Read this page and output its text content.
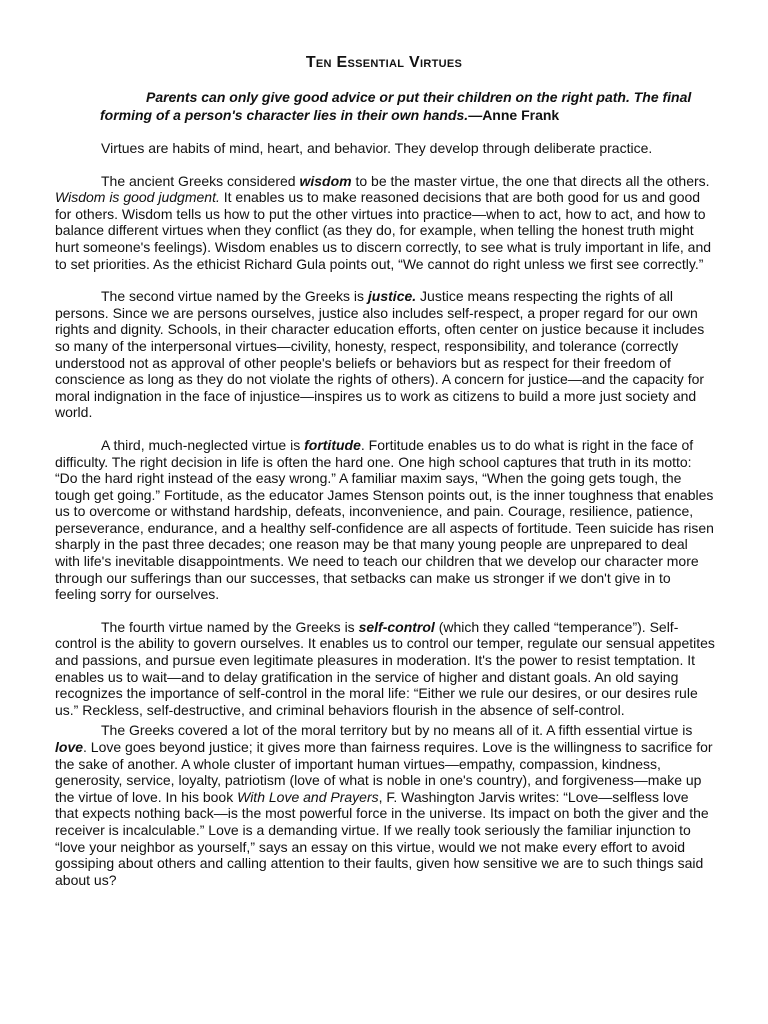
Ten Essential Virtues
Parents can only give good advice or put their children on the right path. The final forming of a person's character lies in their own hands.—Anne Frank

Virtues are habits of mind, heart, and behavior. They develop through deliberate practice.

The ancient Greeks considered wisdom to be the master virtue, the one that directs all the others. Wisdom is good judgment. It enables us to make reasoned decisions that are both good for us and good for others. Wisdom tells us how to put the other virtues into practice—when to act, how to act, and how to balance different virtues when they conflict (as they do, for example, when telling the honest truth might hurt someone's feelings). Wisdom enables us to discern correctly, to see what is truly important in life, and to set priorities. As the ethicist Richard Gula points out, “We cannot do right unless we first see correctly.”

The second virtue named by the Greeks is justice. Justice means respecting the rights of all persons. Since we are persons ourselves, justice also includes self-respect, a proper regard for our own rights and dignity. Schools, in their character education efforts, often center on justice because it includes so many of the interpersonal virtues—civility, honesty, respect, responsibility, and tolerance (correctly understood not as approval of other people's beliefs or behaviors but as respect for their freedom of conscience as long as they do not violate the rights of others). A concern for justice—and the capacity for moral indignation in the face of injustice—inspires us to work as citizens to build a more just society and world.

A third, much-neglected virtue is fortitude. Fortitude enables us to do what is right in the face of difficulty. The right decision in life is often the hard one. One high school captures that truth in its motto: “Do the hard right instead of the easy wrong.” A familiar maxim says, “When the going gets tough, the tough get going.” Fortitude, as the educator James Stenson points out, is the inner toughness that enables us to overcome or withstand hardship, defeats, inconvenience, and pain. Courage, resilience, patience, perseverance, endurance, and a healthy self-confidence are all aspects of fortitude. Teen suicide has risen sharply in the past three decades; one reason may be that many young people are unprepared to deal with life's inevitable disappointments. We need to teach our children that we develop our character more through our sufferings than our successes, that setbacks can make us stronger if we don't give in to feeling sorry for ourselves.

The fourth virtue named by the Greeks is self-control (which they called “temperance”). Self-control is the ability to govern ourselves. It enables us to control our temper, regulate our sensual appetites and passions, and pursue even legitimate pleasures in moderation. It's the power to resist temptation. It enables us to wait—and to delay gratification in the service of higher and distant goals. An old saying recognizes the importance of self-control in the moral life: “Either we rule our desires, or our desires rule us.” Reckless, self-destructive, and criminal behaviors flourish in the absence of self-control.

The Greeks covered a lot of the moral territory but by no means all of it. A fifth essential virtue is love. Love goes beyond justice; it gives more than fairness requires. Love is the willingness to sacrifice for the sake of another. A whole cluster of important human virtues—empathy, compassion, kindness, generosity, service, loyalty, patriotism (love of what is noble in one's country), and forgiveness—make up the virtue of love. In his book With Love and Prayers, F. Washington Jarvis writes: “Love—selfless love that expects nothing back—is the most powerful force in the universe. Its impact on both the giver and the receiver is incalculable.” Love is a demanding virtue. If we really took seriously the familiar injunction to “love your neighbor as yourself,” says an essay on this virtue, would we not make every effort to avoid gossiping about others and calling attention to their faults, given how sensitive we are to such things said about us?
